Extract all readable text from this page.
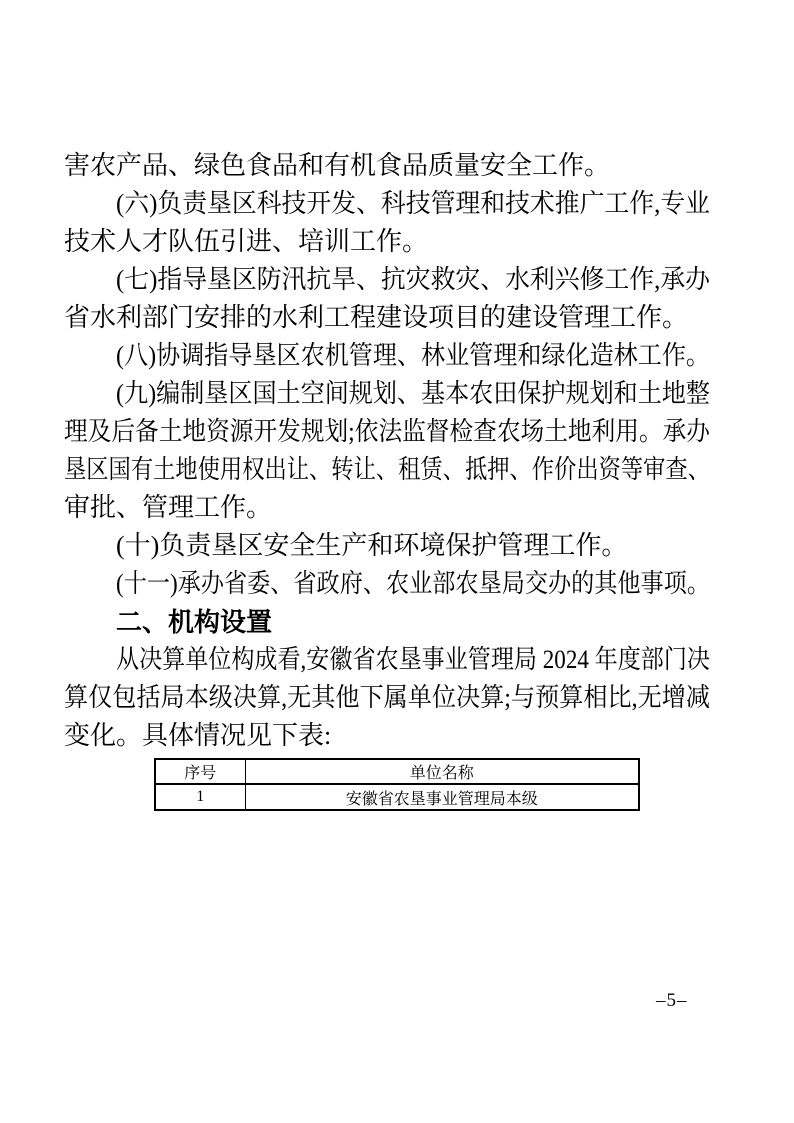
害农产品、绿色食品和有机食品质量安全工作。
(六)负责垦区科技开发、科技管理和技术推广工作,专业
技术人才队伍引进、培训工作。
(七)指导垦区防汛抗旱、抗灾救灾、水利兴修工作,承办
省水利部门安排的水利工程建设项目的建设管理工作。
(八)协调指导垦区农机管理、林业管理和绿化造林工作。
(九)编制垦区国土空间规划、基本农田保护规划和土地整
理及后备土地资源开发规划;依法监督检查农场土地利用。承办
垦区国有土地使用权出让、转让、租赁、抵押、作价出资等审查、
审批、管理工作。
(十)负责垦区安全生产和环境保护管理工作。
(十一)承办省委、省政府、农业部农垦局交办的其他事项。
二、机构设置
从决算单位构成看,安徽省农垦事业管理局 2024 年度部门决
算仅包括局本级决算,无其他下属单位决算;与预算相比,无增减
变化。具体情况见下表:
序号	单位名称
1	安徽省农垦事业管理局本级
–5–
